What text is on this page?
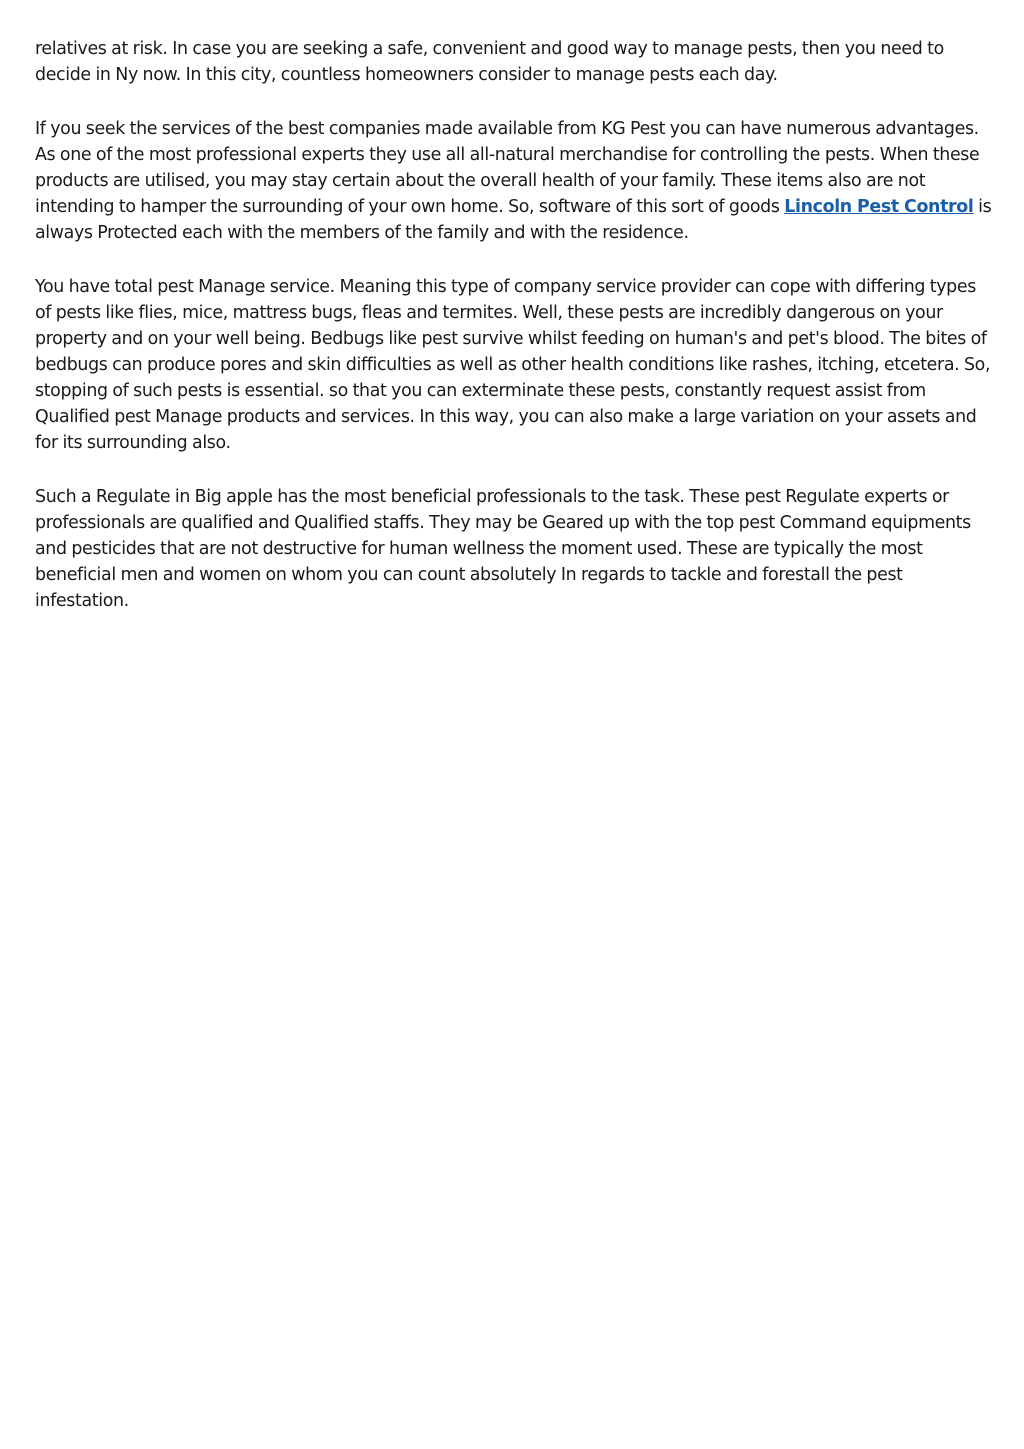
relatives at risk. In case you are seeking a safe, convenient and good way to manage pests, then you need to decide in Ny now. In this city, countless homeowners consider to manage pests each day.

If you seek the services of the best companies made available from KG Pest you can have numerous advantages. As one of the most professional experts they use all all-natural merchandise for controlling the pests. When these products are utilised, you may stay certain about the overall health of your family. These items also are not intending to hamper the surrounding of your own home. So, software of this sort of goods Lincoln Pest Control is always Protected each with the members of the family and with the residence.

You have total pest Manage service. Meaning this type of company service provider can cope with differing types of pests like flies, mice, mattress bugs, fleas and termites. Well, these pests are incredibly dangerous on your property and on your well being. Bedbugs like pest survive whilst feeding on human's and pet's blood. The bites of bedbugs can produce pores and skin difficulties as well as other health conditions like rashes, itching, etcetera. So, stopping of such pests is essential. so that you can exterminate these pests, constantly request assist from Qualified pest Manage products and services. In this way, you can also make a large variation on your assets and for its surrounding also.

Such a Regulate in Big apple has the most beneficial professionals to the task. These pest Regulate experts or professionals are qualified and Qualified staffs. They may be Geared up with the top pest Command equipments and pesticides that are not destructive for human wellness the moment used. These are typically the most beneficial men and women on whom you can count absolutely In regards to tackle and forestall the pest infestation.
